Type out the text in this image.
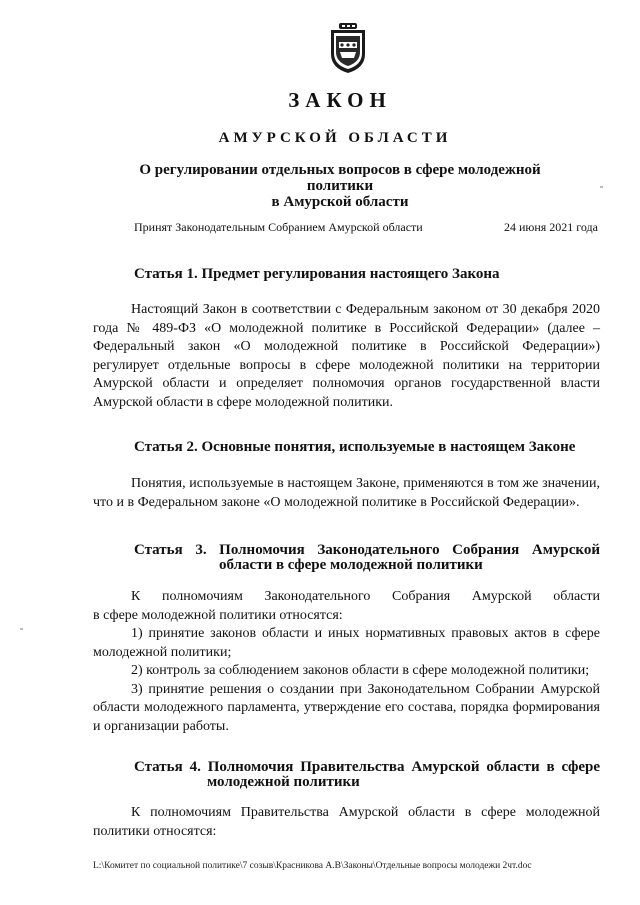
ЗАКОН
АМУРСКОЙ ОБЛАСТИ
О регулировании отдельных вопросов в сфере молодежной политики
в Амурской области
Принят Законодательным Собранием Амурской области	24 июня 2021 года
Статья 1. Предмет регулирования настоящего Закона

Настоящий Закон в соответствии с Федеральным законом от 30 декабря 2020 года № 489-ФЗ «О молодежной политике в Российской Федерации» (далее – Федеральный закон «О молодежной политике в Российской Федерации») регулирует отдельные вопросы в сфере молодежной политики на территории Амурской области и определяет полномочия органов государственной власти Амурской области в сфере молодежной политики.

Статья 2. Основные понятия, используемые в настоящем Законе

Понятия, используемые в настоящем Законе, применяются в том же значении, что и в Федеральном законе «О молодежной политике в Российской Федерации».

Статья 3. Полномочия Законодательного Собрания Амурской
области в сфере молодежной политики

К полномочиям Законодательного Собрания Амурской области

в сфере молодежной политики относятся:

1) принятие законов области и иных нормативных правовых актов в сфере молодежной политики;

2) контроль за соблюдением законов области в сфере молодежной политики;

3) принятие решения о создании при Законодательном Собрании Амурской области молодежного парламента, утверждение его состава, порядка формирования и организации работы.

Статья 4. Полномочия Правительства Амурской области в сфере
молодежной политики

К полномочиям Правительства Амурской области в сфере молодежной политики относятся:

L:\Комитет по социальной политике\7 созыв\Красникова А.В\Законы\Отдельные вопросы молодежи 2чт.doc
